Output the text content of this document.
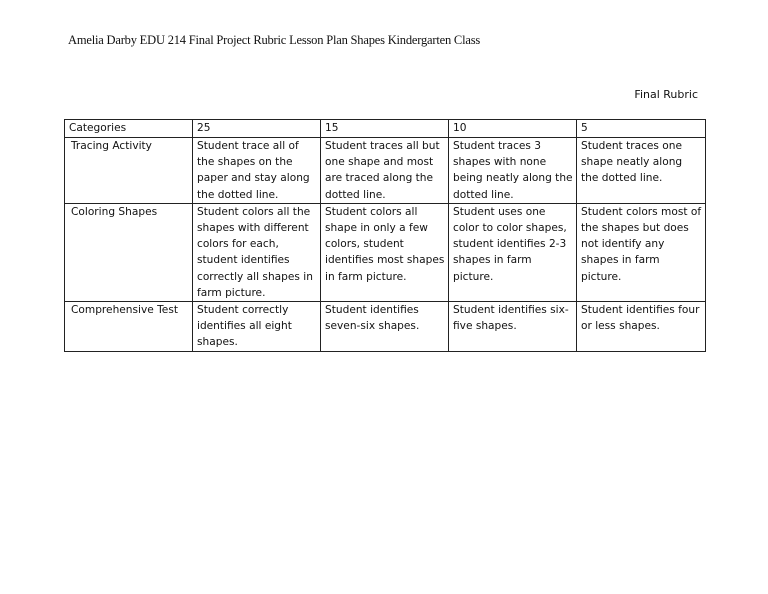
Amelia Darby EDU 214 Final Project Rubric Lesson Plan Shapes Kindergarten Class
Final Rubric
Categories	25	15	10	5
Tracing Activity	Student trace all of the shapes on the paper and stay along the dotted line.	Student traces all but one shape and most are traced along the dotted line.	Student traces 3 shapes with none being neatly along the dotted line.	Student traces one shape neatly along the dotted line.
Coloring Shapes	Student colors all the shapes with different colors for each, student identifies correctly all shapes in farm picture.	Student colors all shape in only a few colors, student identifies most shapes in farm picture.	Student uses one color to color shapes, student identifies 2-3 shapes in farm picture.	Student colors most of the shapes but does not identify any shapes in farm picture.
Comprehensive Test	Student correctly identifies all eight shapes.	Student identifies seven-six shapes.	Student identifies six-five shapes.	Student identifies four or less shapes.
